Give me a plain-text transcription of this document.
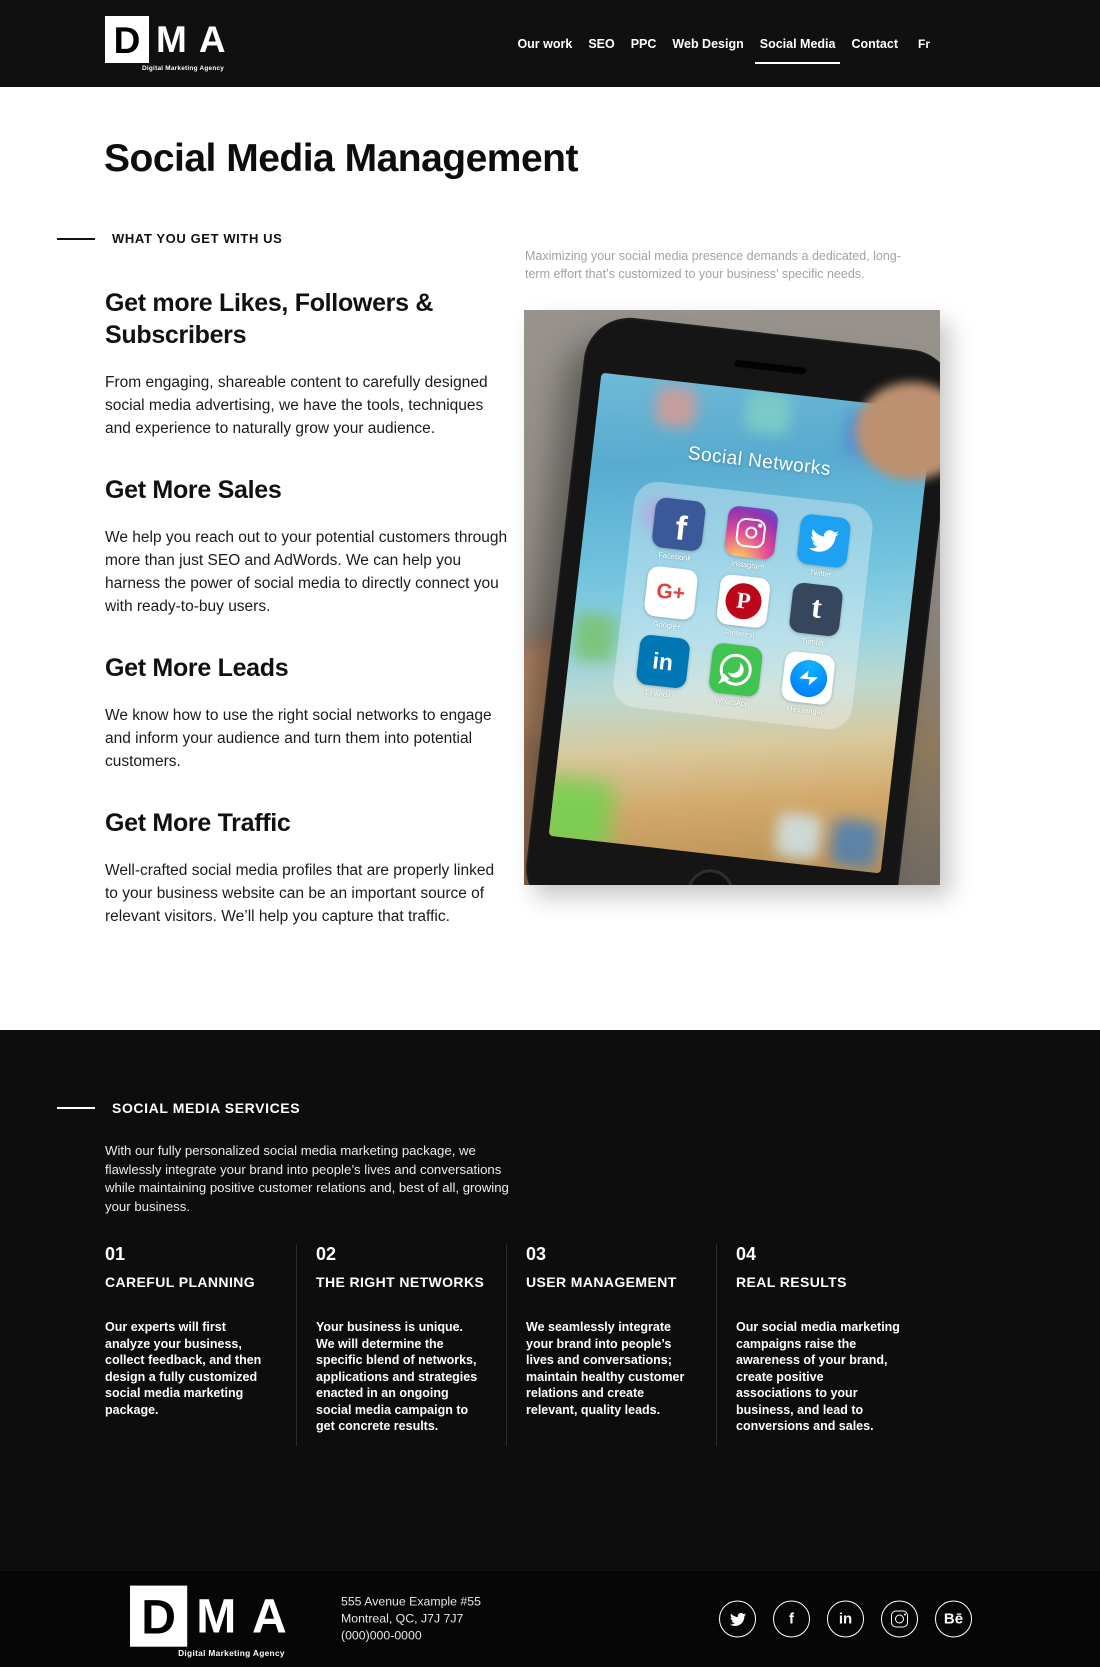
D MA
Digital Marketing Agency
Our work SEO PPC Web Design Social Media Contact Fr
Social Media Management
WHAT YOU GET WITH US

Maximizing your social media presence demands a dedicated, long-term effort that’s customized to your business’ specific needs.

Get more Likes, Followers & Subscribers

From engaging, shareable content to carefully designed social media advertising, we have the tools, techniques and experience to naturally grow your audience.

Get More Sales

We help you reach out to your potential customers through more than just SEO and AdWords. We can help you harness the power of social media to directly connect you with ready-to-buy users.

Get More Leads

We know how to use the right social networks to engage and inform your audience and turn them into potential customers.

Get More Traffic

Well-crafted social media profiles that are properly linked to your business website can be an important source of relevant visitors. We’ll help you capture that traffic.

Social Networks
f
Facebook
Instagram
Twitter
G+
Google+
P
Pinterest
t
Tumblr
in
Linkedin
WhatsApp
Messenger
SOCIAL MEDIA SERVICES

With our fully personalized social media marketing package, we flawlessly integrate your brand into people’s lives and conversations while maintaining positive customer relations and, best of all, growing your business.

01
CAREFUL PLANNING
Our experts will first analyze your business, collect feedback, and then design a fully customized social media marketing package.
02
THE RIGHT NETWORKS
Your business is unique. We will determine the specific blend of networks, applications and strategies enacted in an ongoing social media campaign to get concrete results.
03
USER MANAGEMENT
We seamlessly integrate your brand into people’s lives and conversations; maintain healthy customer relations and create relevant, quality leads.
04
REAL RESULTS
Our social media marketing campaigns raise the awareness of your brand, create positive associations to your business, and lead to conversions and sales.
D MA
Digital Marketing Agency
555 Avenue Example #55
Montreal, QC, J7J 7J7
(000)000-0000
f	in	Bē
